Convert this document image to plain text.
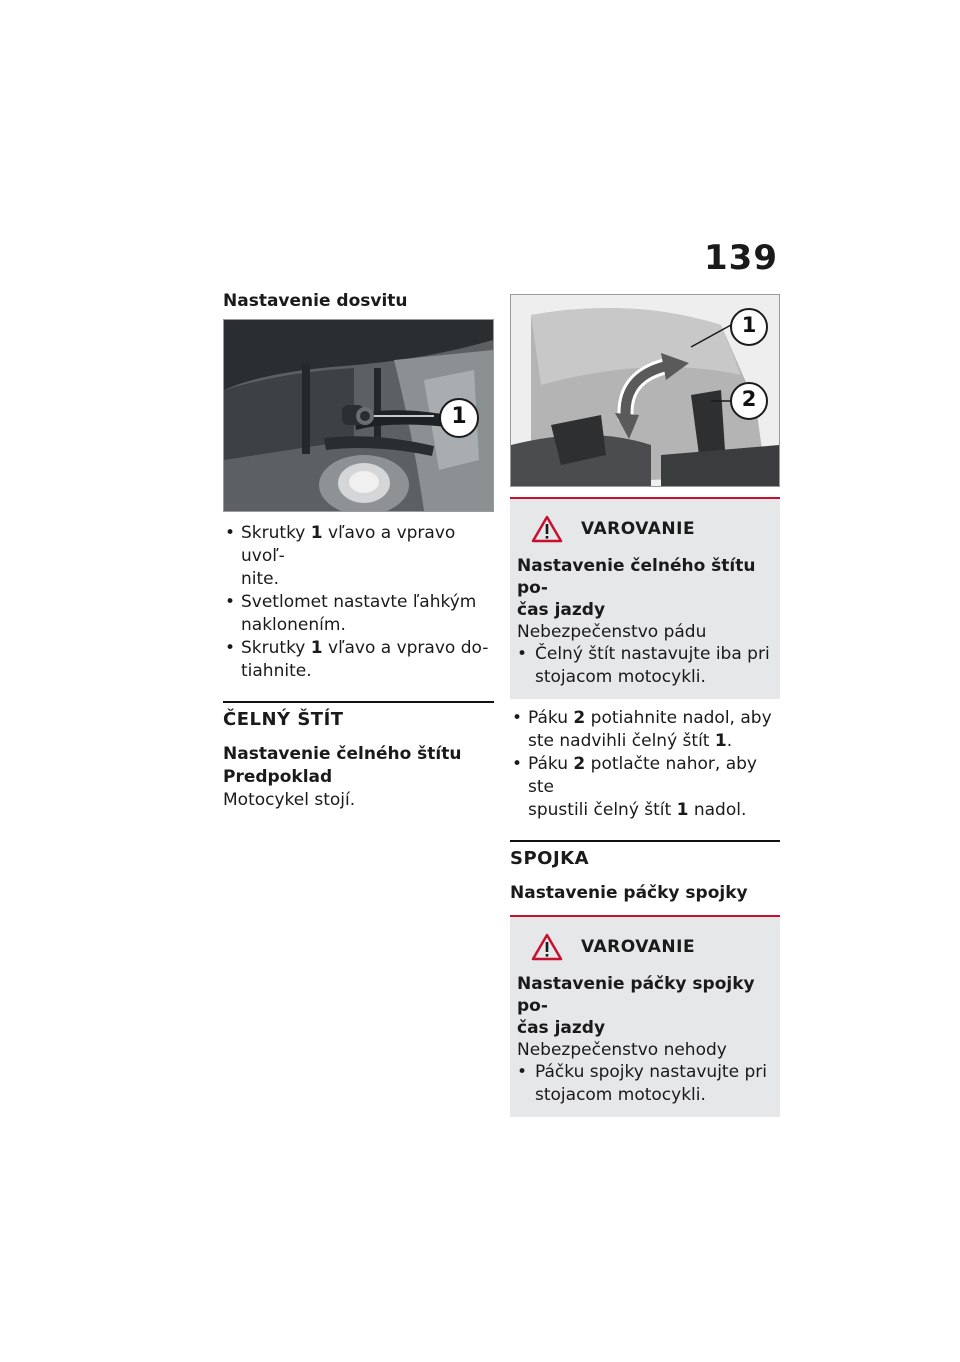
139

Nastavenie dosvitu

1
• Skrutky 1 vľavo a vpravo uvoľ-
nite.
• Svetlomet nastavte ľahkým
naklonením.
• Skrutky 1 vľavo a vpravo do-
tiahnite.

ČELNÝ ŠTÍT

Nastavenie čelného štítu

Predpoklad

Motocykel stojí.

1
2
VAROVANIE

Nastavenie čelného štítu po-
čas jazdy

Nebezpečenstvo pádu

• Čelný štít nastavujte iba pri
stojacom motocykli.
• Páku 2 potiahnite nadol, aby
ste nadvihli čelný štít 1.
• Páku 2 potlačte nahor, aby ste
spustili čelný štít 1 nadol.

SPOJKA

Nastavenie páčky spojky

VAROVANIE

Nastavenie páčky spojky po-
čas jazdy

Nebezpečenstvo nehody

• Páčku spojky nastavujte pri
stojacom motocykli.
